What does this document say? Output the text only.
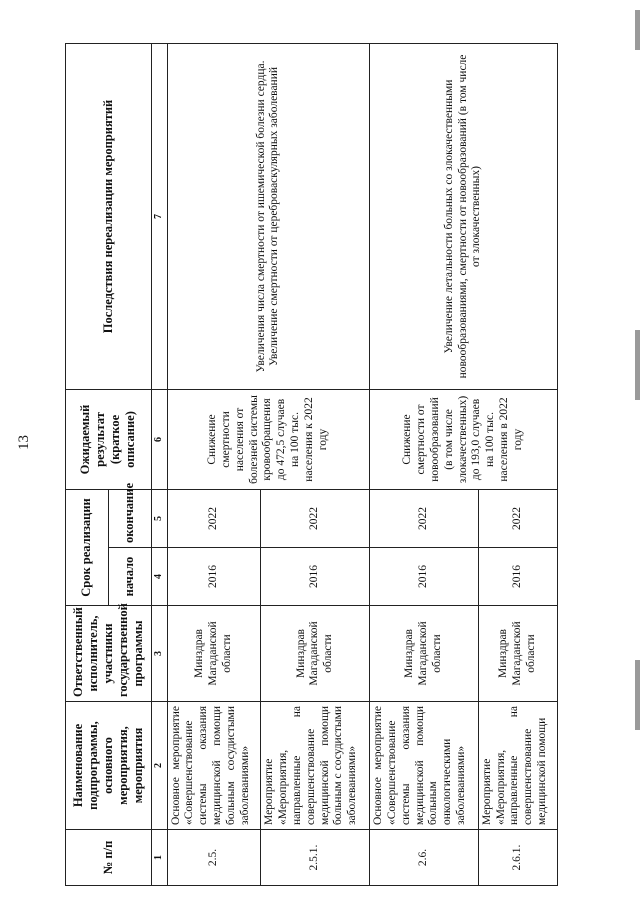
13
№ п/п	Наименование подпрограммы, основного мероприятия, мероприятия	Ответственный исполнитель, участники государственной программы	Срок реализации		Ожидаемый результат (краткое описание)	Последствия нереализации мероприятий
			начало	окончание		
1	2	3	4	5	6	7
2.5.	Основное мероприятие «Совершенствование системы оказания медицинской помощи больным сосудистыми заболеваниями»	Минздрав Магаданской области	2016	2022	Снижение смертности населения от болезней системы кровообращения до 472,5 случаев на 100 тыс. населения к 2022 году	Увеличения числа смертности от ишемической болезни сердца. Увеличение смертности от цереброваскулярных заболеваний
2.5.1.	Мероприятие «Мероприятия, направленные на совершенствование медицинской помощи больным с сосудистыми заболеваниями»	Минздрав Магаданской области	2016	2022		
2.6.	Основное мероприятие «Совершенствование системы оказания медицинской помощи больным онкологическими заболеваниями»	Минздрав Магаданской области	2016	2022	Снижение смертности от новообразований (в том числе злокачественных) до 193,0 случаев на 100 тыс. населения в 2022 году	Увеличение летальности больных со злокачественными новообразованиями, смертности от новообразований (в том числе от злокачественных)
2.6.1.	Мероприятие «Мероприятия, направленные на совершенствование медицинской помощи	Минздрав Магаданской области	2016	2022		
